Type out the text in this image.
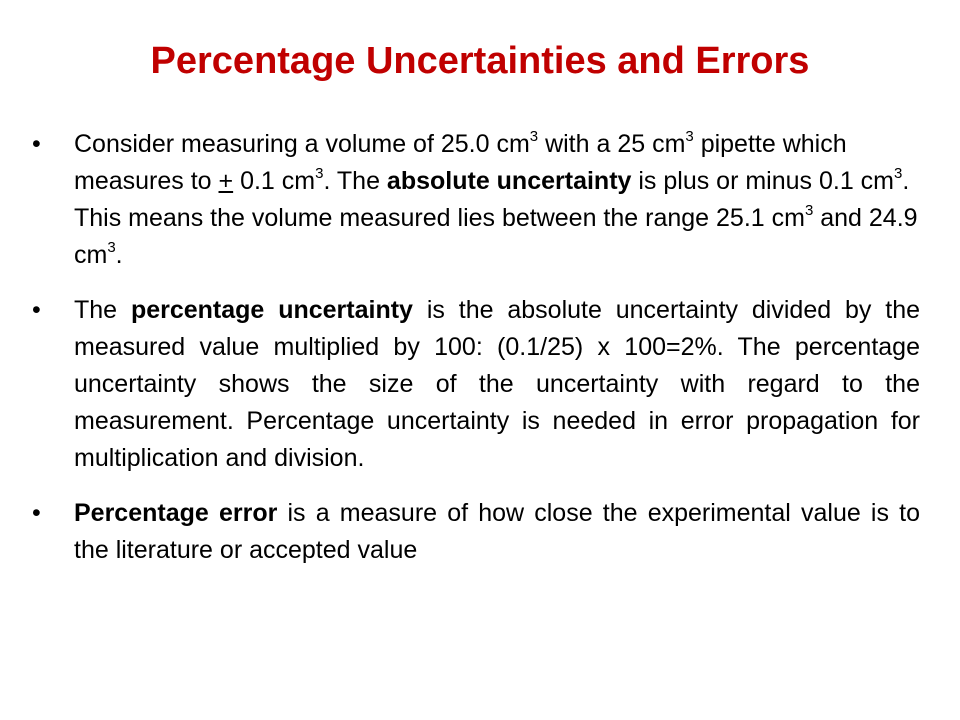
Percentage Uncertainties and Errors
•	Consider measuring a volume of 25.0 $cm^3$ with a 25 $cm^3$ pipette which measures to + 0.1 $cm^3$. The absolute uncertainty is plus or minus 0.1 $cm^3$. This means the volume measured lies between the range 25.1 $cm^3$ and 24.9 $cm^3$.
•	The percentage uncertainty is the absolute uncertainty divided by the measured value multiplied by 100: (0.1/25) x 100=2%. The percentage uncertainty shows the size of the uncertainty with regard to the measurement. Percentage uncertainty is needed in error propagation for multiplication and division.
•	Percentage error is a measure of how close the experimental value is to the literature or accepted value
